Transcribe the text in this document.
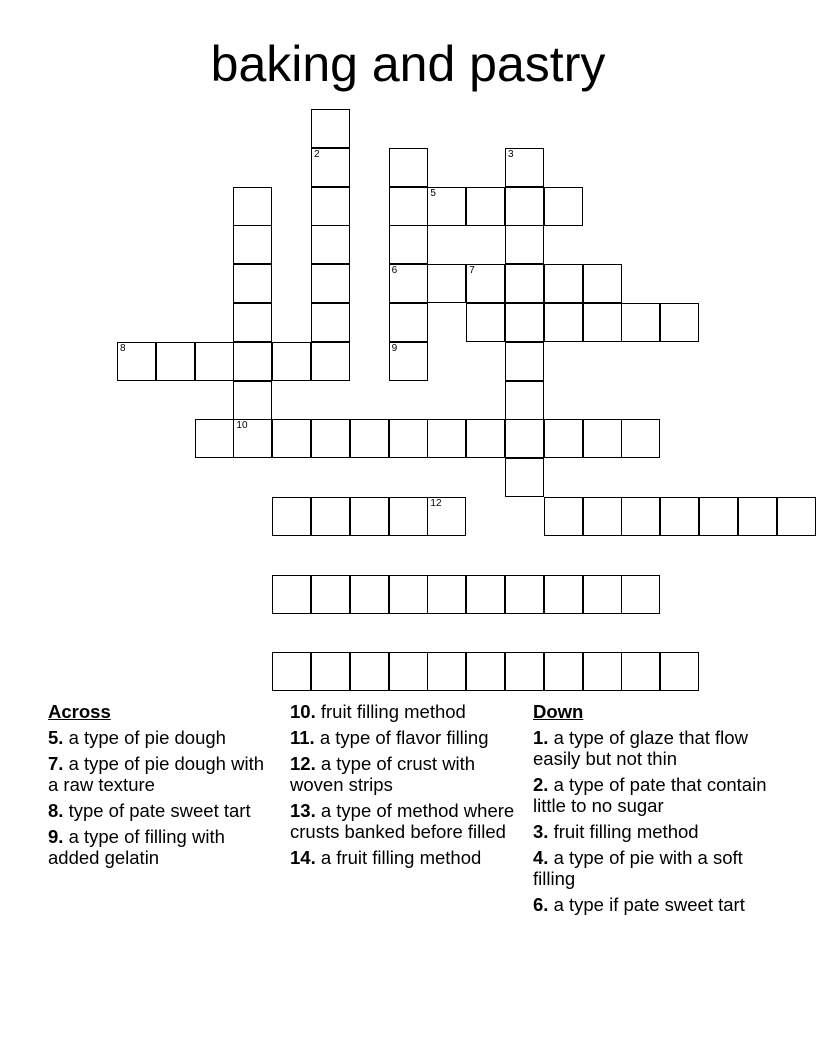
baking and pastry
2
6
9
10
3
5
7
8
12
Across
5. a type of pie dough
7. a type of pie dough with a raw texture
8. type of pate sweet tart
9. a type of filling with added gelatin
10. fruit filling method
11. a type of flavor filling
12. a type of crust with woven strips
13. a type of method where crusts banked before filled
14. a fruit filling method
Down
1. a type of glaze that flow easily but not thin
2. a type of pate that contain little to no sugar
3. fruit filling method
4. a type of pie with a soft filling
6. a type if pate sweet tart
